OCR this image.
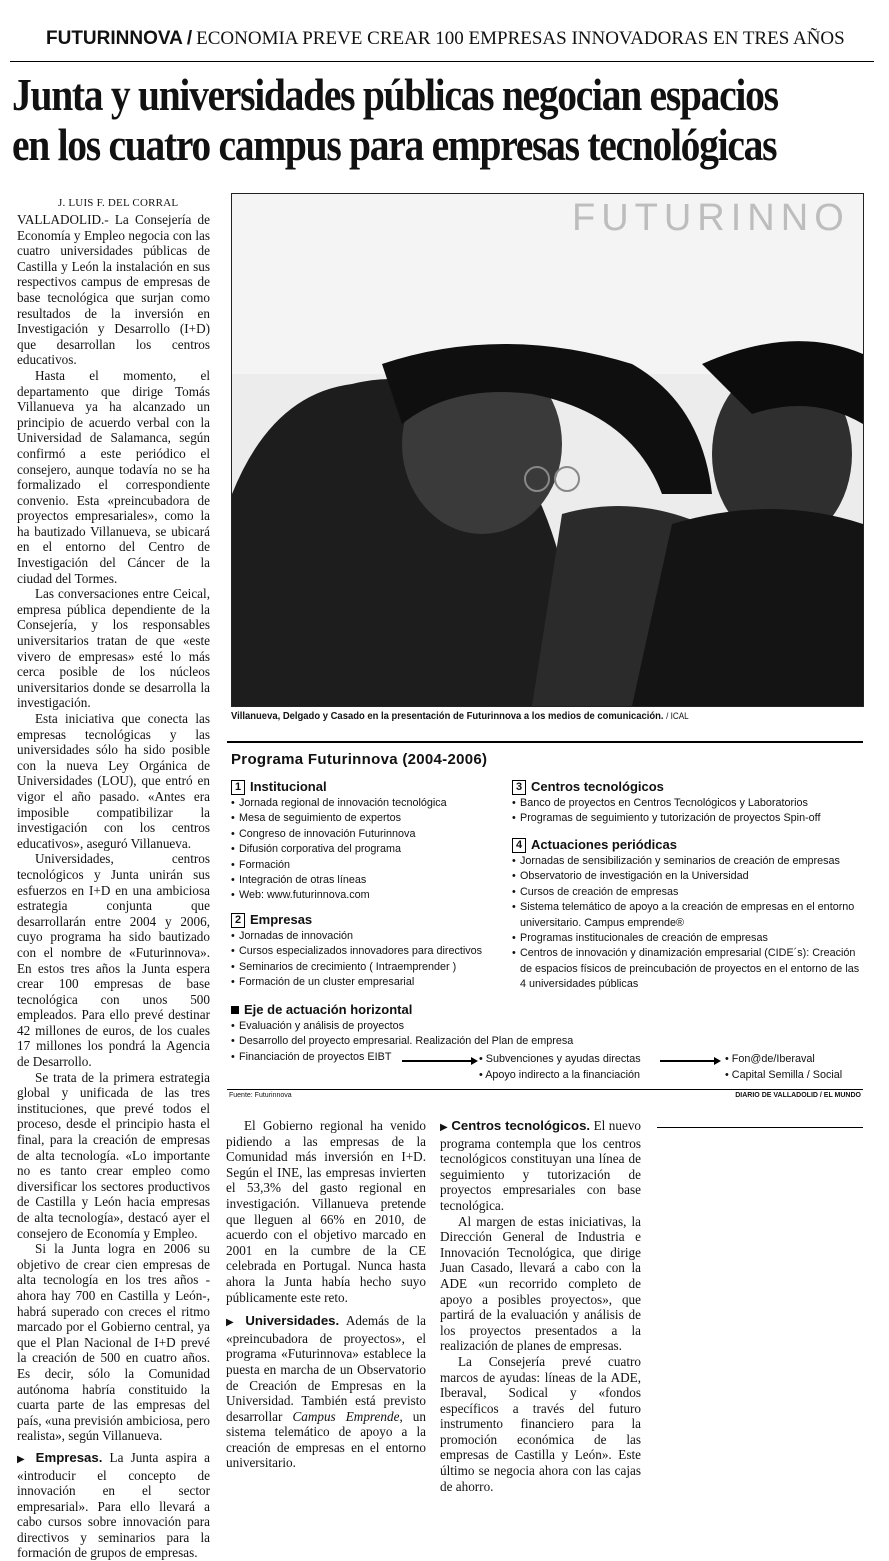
FUTURINNOVA / ECONOMIA PREVE CREAR 100 EMPRESAS INNOVADORAS EN TRES AÑOS
Junta y universidades públicas negocian espacios
en los cuatro campus para empresas tecnológicas
J. LUIS F. DEL CORRAL

VALLADOLID.- La Consejería de Economía y Empleo negocia con las cuatro universidades públicas de Castilla y León la instalación en sus respectivos campus de empresas de base tecnológica que surjan como resultados de la inversión en Investigación y Desarrollo (I+D) que desarrollan los centros educativos.

Hasta el momento, el departamento que dirige Tomás Villanueva ya ha alcanzado un principio de acuerdo verbal con la Universidad de Salamanca, según confirmó a este periódico el consejero, aunque todavía no se ha formalizado el correspondiente convenio. Esta «preincubadora de proyectos empresariales», como la ha bautizado Villanueva, se ubicará en el entorno del Centro de Investigación del Cáncer de la ciudad del Tormes.

Las conversaciones entre Ceical, empresa pública dependiente de la Consejería, y los responsables universitarios tratan de que «este vivero de empresas» esté lo más cerca posible de los núcleos universitarios donde se desarrolla la investigación.

Esta iniciativa que conecta las empresas tecnológicas y las universidades sólo ha sido posible con la nueva Ley Orgánica de Universidades (LOU), que entró en vigor el año pasado. «Antes era imposible compatibilizar la investigación con los centros educativos», aseguró Villanueva.

Universidades, centros tecnológicos y Junta unirán sus esfuerzos en I+D en una ambiciosa estrategia conjunta que desarrollarán entre 2004 y 2006, cuyo programa ha sido bautizado con el nombre de «Futurinnova». En estos tres años la Junta espera crear 100 empresas de base tecnológica con unos 500 empleados. Para ello prevé destinar 42 millones de euros, de los cuales 17 millones los pondrá la Agencia de Desarrollo.

Se trata de la primera estrategia global y unificada de las tres instituciones, que prevé todos el proceso, desde el principio hasta el final, para la creación de empresas de alta tecnología. «Lo importante no es tanto crear empleo como diversificar los sectores productivos de Castilla y León hacia empresas de alta tecnología», destacó ayer el consejero de Economía y Empleo.

Si la Junta logra en 2006 su objetivo de crear cien empresas de alta tecnología en los tres años -ahora hay 700 en Castilla y León-, habrá superado con creces el ritmo marcado por el Gobierno central, ya que el Plan Nacional de I+D prevé la creación de 500 en cuatro años. Es decir, sólo la Comunidad autónoma habría constituido la cuarta parte de las empresas del país, «una previsión ambiciosa, pero realista», según Villanueva.

▶ Empresas. La Junta aspira a «introducir el concepto de innovación en el sector empresarial». Para ello llevará a cabo cursos sobre innovación para directivos y seminarios para la formación de grupos de empresas.

FUTURINNO
Villanueva, Delgado y Casado en la presentación de Futurinnova a los medios de comunicación. / ICAL
Programa Futurinnova (2004-2006)
1 Institucional
• Jornada regional de innovación tecnológica
• Mesa de seguimiento de expertos
• Congreso de innovación Futurinnova
• Difusión corporativa del programa
• Formación
• Integración de otras líneas
• Web: www.futurinnova.com
2 Empresas
• Jornadas de innovación
• Cursos especializados innovadores para directivos
• Seminarios de crecimiento ( Intraemprender )
• Formación de un cluster empresarial
3 Centros tecnológicos
• Banco de proyectos en Centros Tecnológicos y Laboratorios
• Programas de seguimiento y tutorización de proyectos Spin-off
4 Actuaciones periódicas
• Jornadas de sensibilización y seminarios de creación de empresas
• Observatorio de investigación en la Universidad
• Cursos de creación de empresas
• Sistema telemático de apoyo a la creación de empresas en el entorno universitario. Campus emprende®
• Programas institucionales de creación de empresas
• Centros de innovación y dinamización empresarial (CIDE´s): Creación de espacios físicos de preincubación de proyectos en el entorno de las 4 universidades públicas
Eje de actuación horizontal
• Evaluación y análisis de proyectos
• Desarrollo del proyecto empresarial. Realización del Plan de empresa
• Financiación de proyectos EIBT	• Subvenciones y ayudas directas
• Apoyo indirecto a la financiación
• Fon@de/Iberaval
• Capital Semilla / Social
Fuente: Futurinnova	DIARIO DE VALLADOLID / EL MUNDO

El Gobierno regional ha venido pidiendo a las empresas de la Comunidad más inversión en I+D. Según el INE, las empresas invierten el 53,3% del gasto regional en investigación. Villanueva pretende que lleguen al 66% en 2010, de acuerdo con el objetivo marcado en 2001 en la cumbre de la CE celebrada en Portugal. Nunca hasta ahora la Junta había hecho suyo públicamente este reto.

▶ Universidades. Además de la «preincubadora de proyectos», el programa «Futurinnova» establece la puesta en marcha de un Observatorio de Creación de Empresas en la Universidad. También está previsto desarrollar Campus Emprende, un sistema telemático de apoyo a la creación de empresas en el entorno universitario.

▶ Centros tecnológicos. El nuevo programa contempla que los centros tecnológicos constituyan una línea de seguimiento y tutorización de proyectos empresariales con base tecnológica.

Al margen de estas iniciativas, la Dirección General de Industria e Innovación Tecnológica, que dirige Juan Casado, llevará a cabo con la ADE «un recorrido completo de apoyo a posibles proyectos», que partirá de la evaluación y análisis de los proyectos presentados a la realización de planes de empresas.

La Consejería prevé cuatro marcos de ayudas: líneas de la ADE, Iberaval, Sodical y «fondos específicos a través del futuro instrumento financiero para la promoción económica de las empresas de Castilla y León». Este último se negocia ahora con las cajas de ahorro.
